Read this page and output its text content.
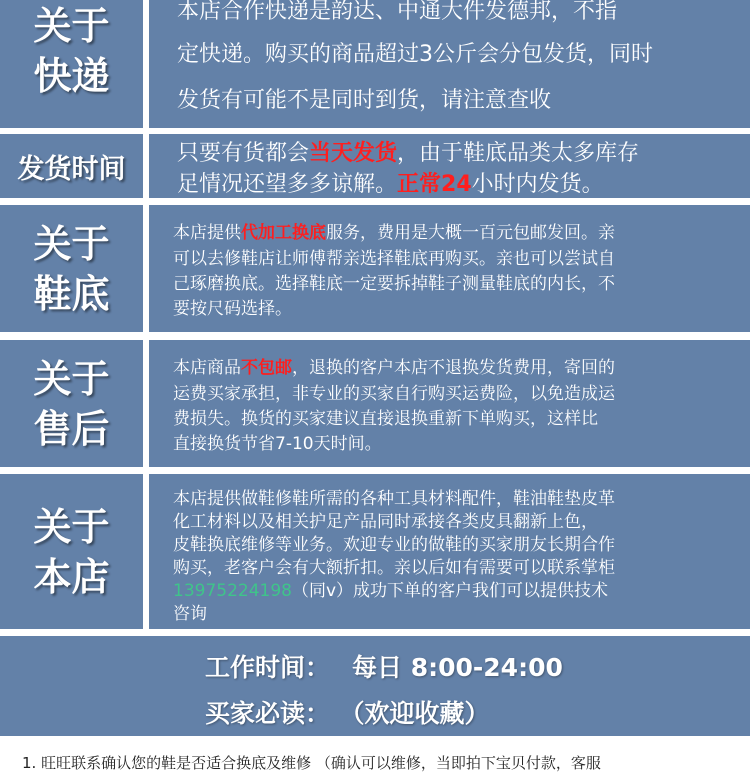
关于
快递
本店合作快递是韵达、中通大件发德邦，不指
定快递。购买的商品超过3公斤会分包发货，同时
发货有可能不是同时到货，请注意查收
发货时间	只要有货都会当天发货，由于鞋底品类太多库存
足情况还望多多谅解。正常24小时内发货。
关于
鞋底
本店提供代加工换底服务，费用是大概一百元包邮发回。亲
可以去修鞋店让师傅帮亲选择鞋底再购买。亲也可以尝试自
己琢磨换底。选择鞋底一定要拆掉鞋子测量鞋底的内长，不
要按尺码选择。
关于
售后
本店商品不包邮，退换的客户本店不退换发货费用，寄回的
运费买家承担，非专业的买家自行购买运费险，以免造成运
费损失。换货的买家建议直接退换重新下单购买，这样比
直接换货节省7-10天时间。
关于
本店
本店提供做鞋修鞋所需的各种工具材料配件，鞋油鞋垫皮革
化工材料以及相关护足产品同时承接各类皮具翻新上色，
皮鞋换底维修等业务。欢迎专业的做鞋的买家朋友长期合作
购买，老客户会有大额折扣。亲以后如有需要可以联系掌柜
13975224198（同v）成功下单的客户我们可以提供技术
咨询
工作时间： 每日 8:00-24:00
买家必读： （欢迎收藏）
1. 旺旺联系确认您的鞋是否适合换底及维修 （确认可以维修，当即拍下宝贝付款，客服
